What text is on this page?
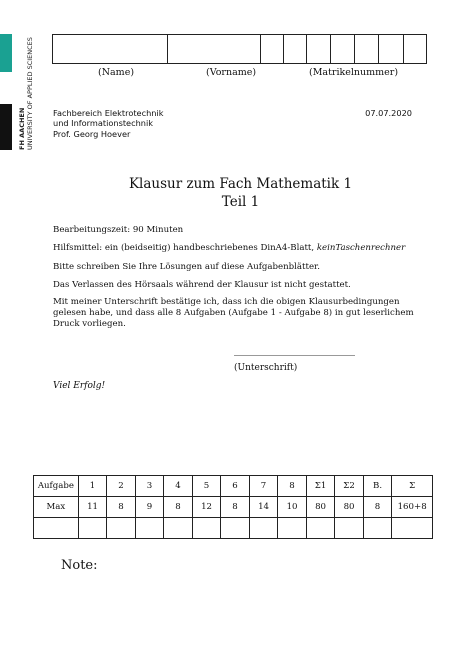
FH AACHEN UNIVERSITY OF APPLIED SCIENCES
									(Name)	(Vorname)	(Matrikelnummer)
Fachbereich Elektrotechnik
und Informationstechnik
07.07.2020
Prof. Georg Hoever
Klausur zum Fach Mathematik 1
Teil 1
Bearbeitungszeit: 90 Minuten
Hilfsmittel: ein (beidseitig) handbeschriebenes DinA4-Blatt, keinTaschenrechner
Bitte schreiben Sie Ihre Lösungen auf diese Aufgabenblätter.
Das Verlassen des Hörsaals während der Klausur ist nicht gestattet.
Mit meiner Unterschrift bestätige ich, dass ich die obigen Klausurbedingungen gelesen habe, und dass alle 8 Aufgaben (Aufgabe 1 - Aufgabe 8) in gut leserlichem Druck vorliegen.
(Unterschrift)
Viel Erfolg!
Aufgabe	1	2	3	4	5	6	7	8	Σ1	Σ2	B.	Σ
Max	11	8	9	8	12	8	14	10	80	80	8	160+8

Note:
